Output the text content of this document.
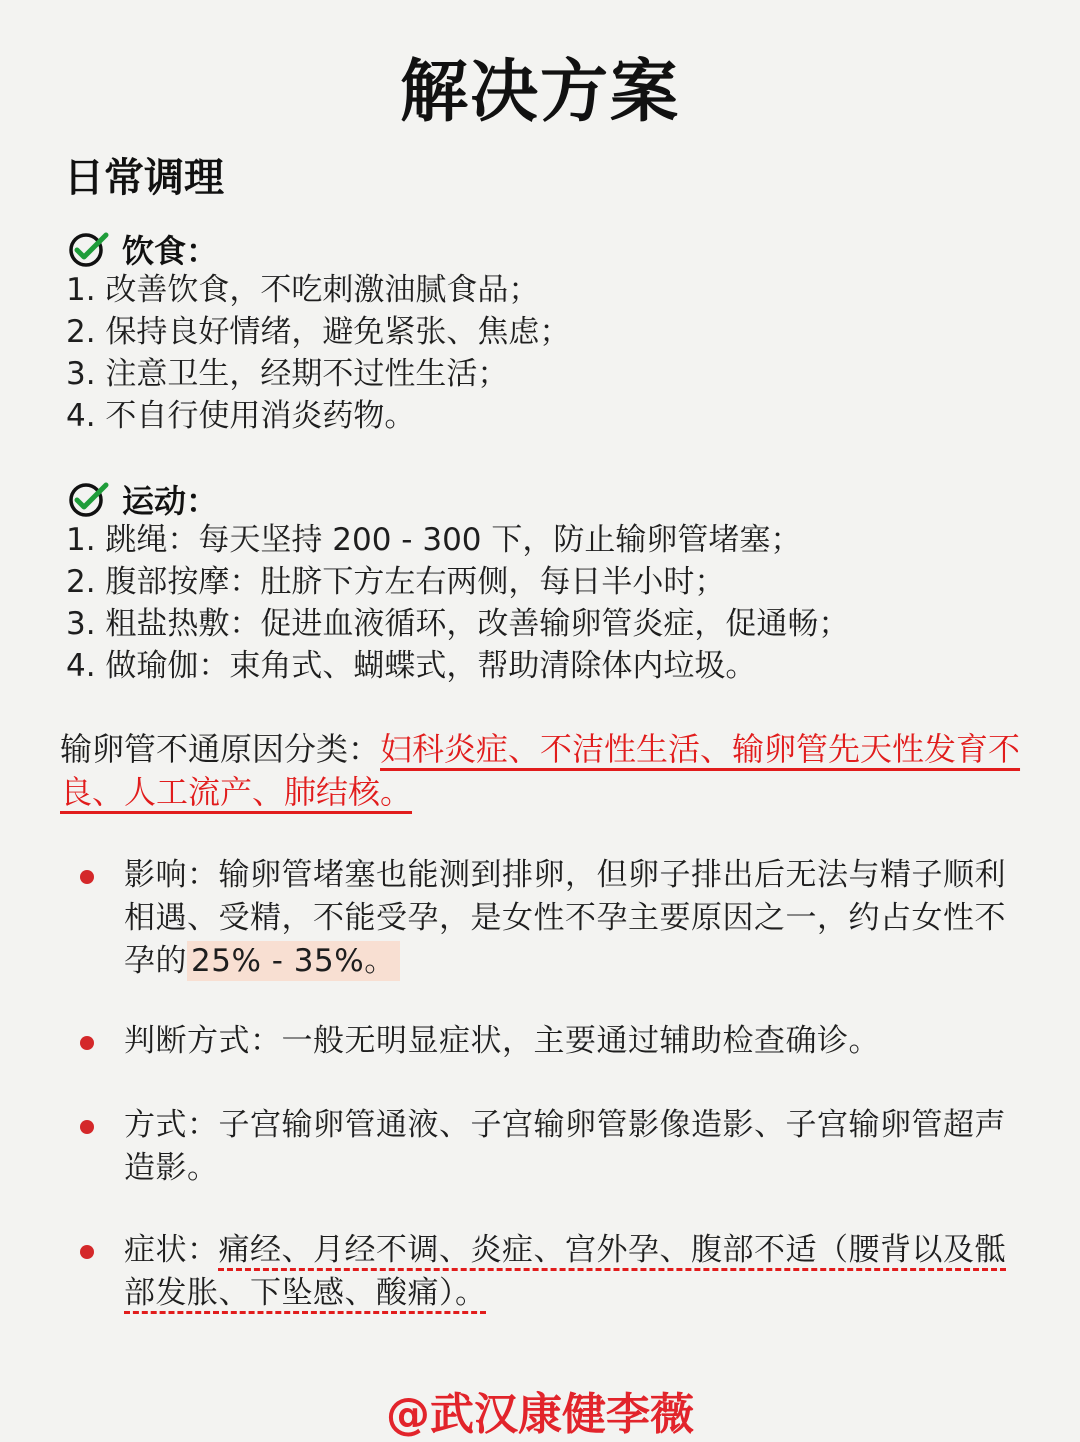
解决方案
日常调理
饮食：
1. 改善饮食，不吃刺激油腻食品；
2. 保持良好情绪，避免紧张、焦虑；
3. 注意卫生，经期不过性生活；
4. 不自行使用消炎药物。
运动：
1. 跳绳：每天坚持 200 - 300 下，防止输卵管堵塞；
2. 腹部按摩：肚脐下方左右两侧，每日半小时；
3. 粗盐热敷：促进血液循环，改善输卵管炎症，促通畅；
4. 做瑜伽：束角式、蝴蝶式，帮助清除体内垃圾。
输卵管不通原因分类：妇科炎症、不洁性生活、输卵管先天性发育不良、人工流产、肺结核。
影响：输卵管堵塞也能测到排卵，但卵子排出后无法与精子顺利相遇、受精，不能受孕，是女性不孕主要原因之一，约占女性不孕的 25% - 35%。
判断方式：一般无明显症状，主要通过辅助检查确诊。
方式：子宫输卵管通液、子宫输卵管影像造影、子宫输卵管超声造影。
症状：痛经、月经不调、炎症、宫外孕、腹部不适（腰背以及骶部发胀、下坠感、酸痛）。
@武汉康健李薇
